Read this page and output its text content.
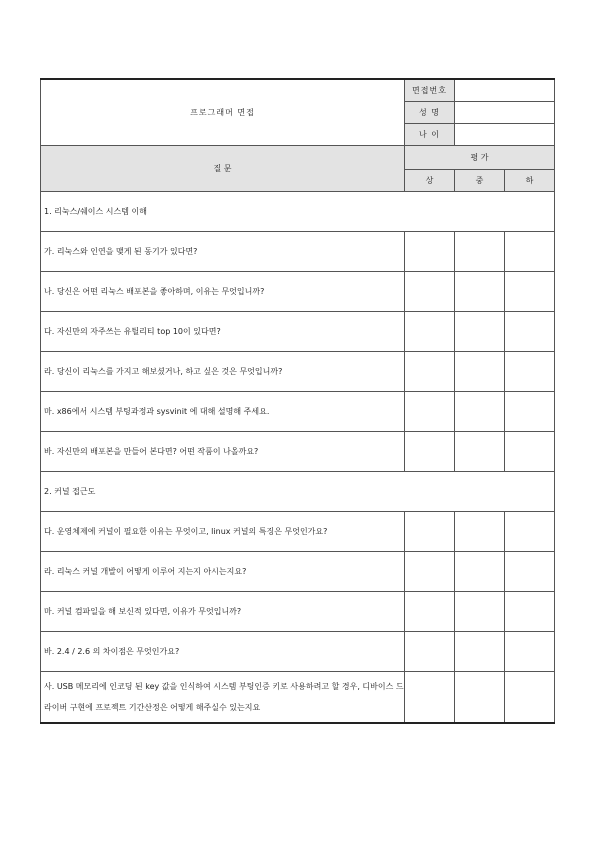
프로그래머 면접	면접번호		
	성 명		
	나 이		
질 문	평 가		
	상	중	하
1. 리눅스/쉐이스 시스템 이해			
가. 리눅스와 인연을 맺게 된 동기가 있다면?			
나. 당신은 어떤 리눅스 배포본을 좋아하며, 이유는 무엇입니까?			
다. 자신만의 자주쓰는 유틸리티 top 10이 있다면?			
라. 당신이 리눅스를 가지고 해보셨거나, 하고 싶은 것은 무엇입니까?			
마. x86에서 시스템 부팅과정과 sysvinit 에 대해 설명해 주세요.			
바. 자신만의 배포본을 만들어 본다면? 어떤 작품이 나올까요?			
2. 커널 접근도			
다. 운영체제에 커널이 필요한 이유는 무엇이고, linux 커널의 특징은 무엇인가요?			
라. 리눅스 커널 개발이 어떻게 이루어 지는지 아시는지요?			
마. 커널 컴파일을 해 보신적 있다면, 이유가 무엇입니까?			
바. 2.4 / 2.6 의 차이점은 무엇인가요?			
사. USB 메모리에 인코딩 된 key 값을 인식하여 시스템 부팅인증 키로 사용하려고 할 경우, 디바이스 드라이버 구현에 프로젝트 기간산정은 어떻게 해주실수 있는지요			
